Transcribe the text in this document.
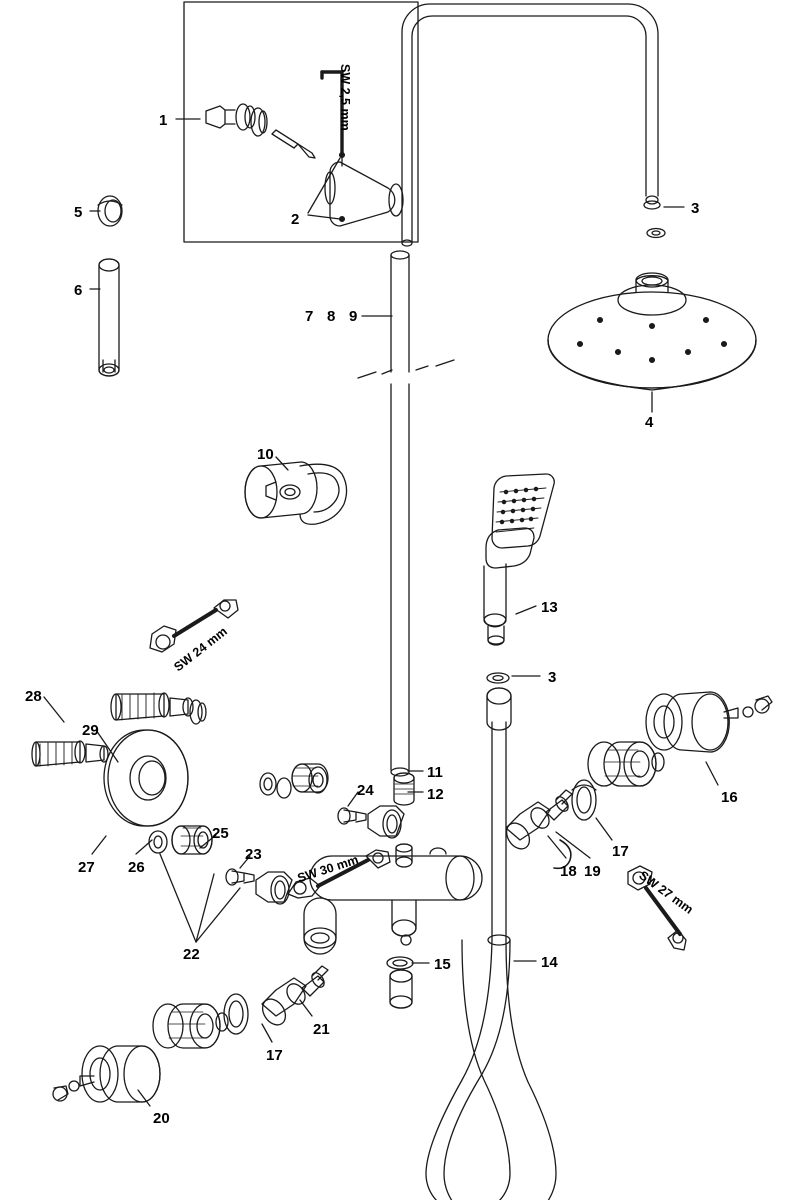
1
2
3
4
5
6
7 8 9
10
11
12
13
3
14
15
16
17
18 19
20
21
17
22
23
24
25
26
27
28
29
SW 2,5 mm
SW 24 mm
SW 30 mm	SW 27 mm
